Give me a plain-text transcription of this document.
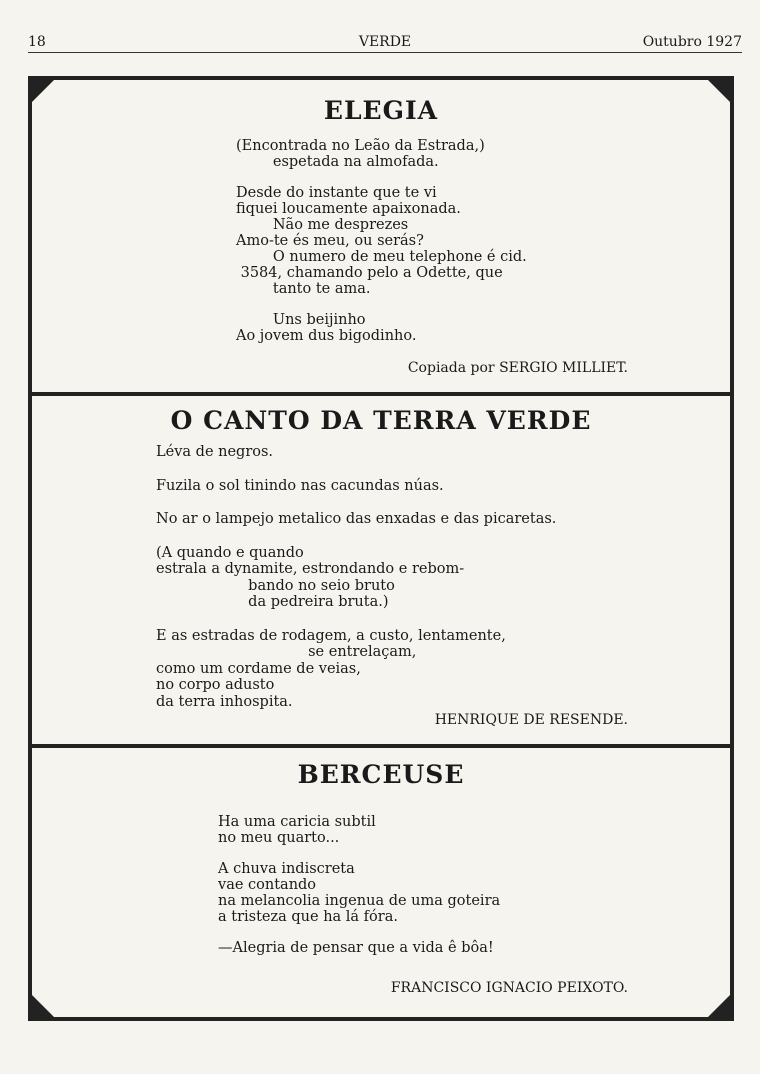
18	VERDE	Outubro 1927
ELEGIA
(Encontrada no Leão da Estrada,)
espetada na almofada.
Desde do instante que te vi
fiquei loucamente apaixonada.
Não me desprezes
Amo-te és meu, ou serás?
O numero de meu telephone é cid.
3584, chamando pelo a Odette, que
tanto te ama.
Uns beijinho
Ao jovem dus bigodinho.
Copiada por SERGIO MILLIET.
O CANTO DA TERRA VERDE
Léva de negros.
Fuzila o sol tinindo nas cacundas núas.
No ar o lampejo metalico das enxadas e das picaretas.
(A quando e quando
estrala a dynamite, estrondando e rebom-
bando no seio bruto
da pedreira bruta.)
E as estradas de rodagem, a custo, lentamente,
se entrelaçam,
como um cordame de veias,
no corpo adusto
da terra inhospita.
HENRIQUE DE RESENDE.
BERCEUSE
Ha uma caricia subtil
no meu quarto...
A chuva indiscreta
vae contando
na melancolia ingenua de uma goteira
a tristeza que ha lá fóra.
—Alegria de pensar que a vida ê bôa!
FRANCISCO IGNACIO PEIXOTO.
